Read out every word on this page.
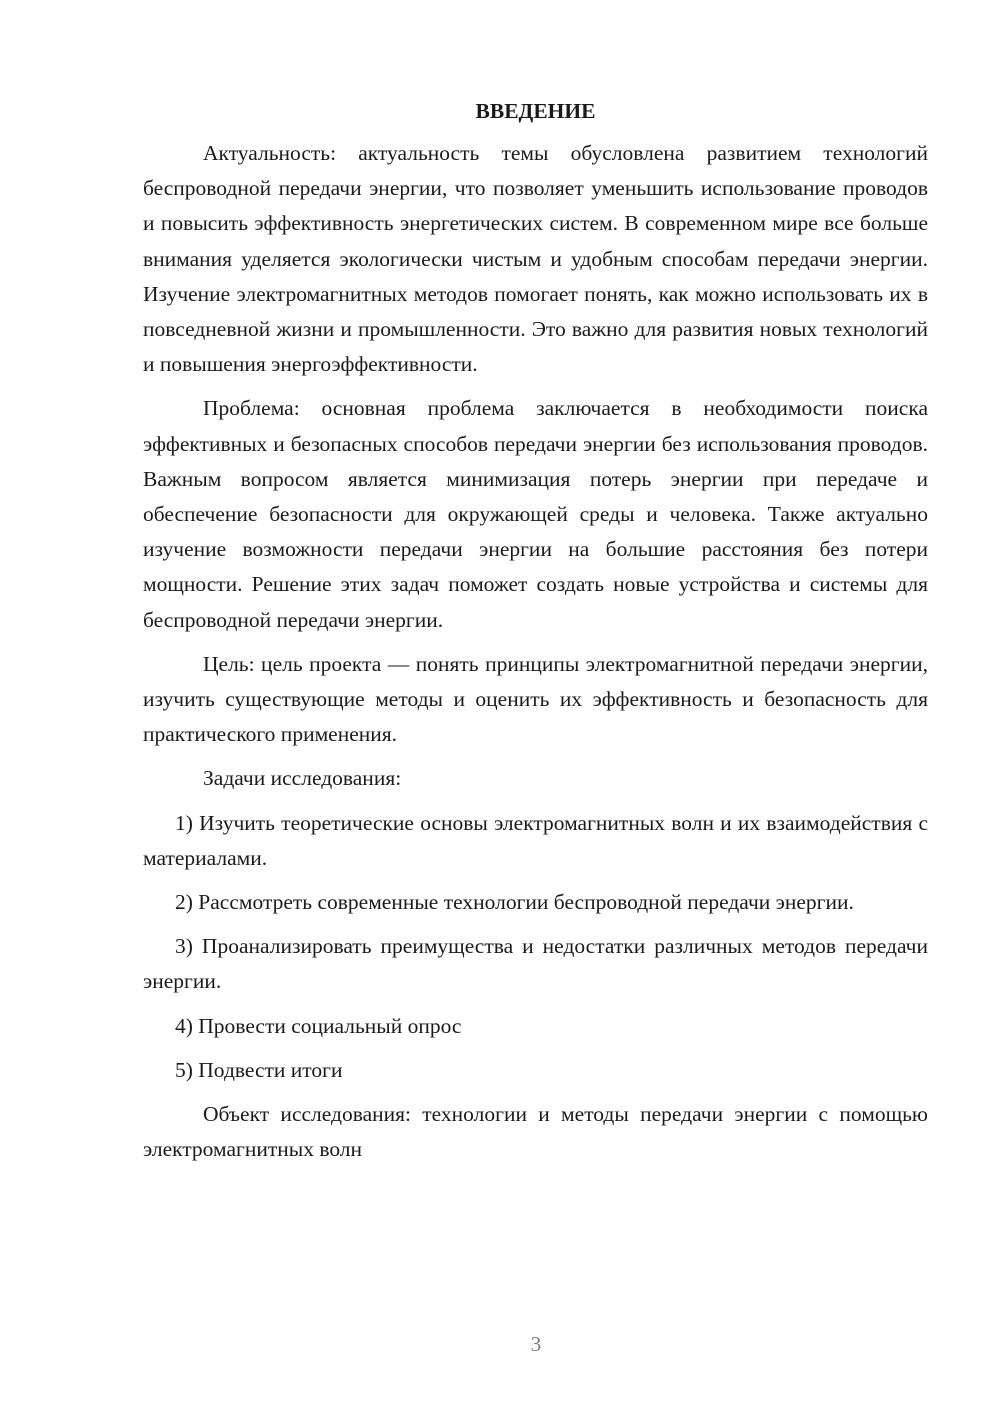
ВВЕДЕНИЕ

Актуальность: актуальность темы обусловлена развитием технологий беспроводной передачи энергии, что позволяет уменьшить использование проводов и повысить эффективность энергетических систем. В современном мире все больше внимания уделяется экологически чистым и удобным способам передачи энергии. Изучение электромагнитных методов помогает понять, как можно использовать их в повседневной жизни и промышленности. Это важно для развития новых технологий и повышения энергоэффективности.

Проблема: основная проблема заключается в необходимости поиска эффективных и безопасных способов передачи энергии без использования проводов. Важным вопросом является минимизация потерь энергии при передаче и обеспечение безопасности для окружающей среды и человека. Также актуально изучение возможности передачи энергии на большие расстояния без потери мощности. Решение этих задач поможет создать новые устройства и системы для беспроводной передачи энергии.

Цель: цель проекта — понять принципы электромагнитной передачи энергии, изучить существующие методы и оценить их эффективность и безопасность для практического применения.

Задачи исследования:

1) Изучить теоретические основы электромагнитных волн и их взаимодействия с материалами.

2) Рассмотреть современные технологии беспроводной передачи энергии.

3) Проанализировать преимущества и недостатки различных методов передачи энергии.

4) Провести социальный опрос

5) Подвести итоги

Объект исследования: технологии и методы передачи энергии с помощью электромагнитных волн

3
